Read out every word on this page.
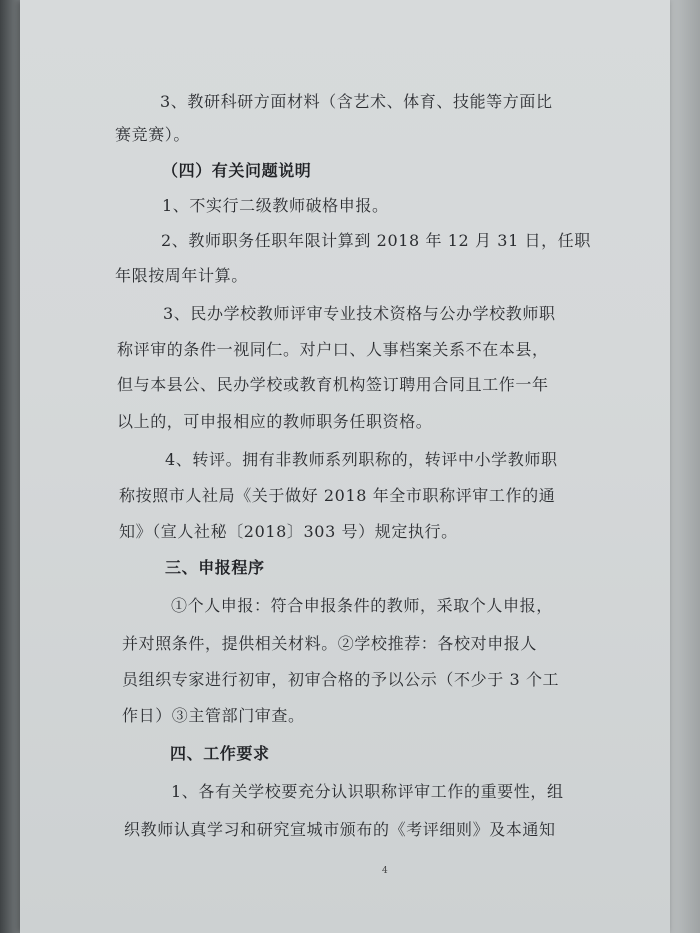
3、教研科研方面材料（含艺术、体育、技能等方面比
赛竞赛）。
（四）有关问题说明
1、不实行二级教师破格申报。
2、教师职务任职年限计算到 2018 年 12 月 31 日，任职
年限按周年计算。
3、民办学校教师评审专业技术资格与公办学校教师职
称评审的条件一视同仁。对户口、人事档案关系不在本县，
但与本县公、民办学校或教育机构签订聘用合同且工作一年
以上的，可申报相应的教师职务任职资格。
4、转评。拥有非教师系列职称的，转评中小学教师职
称按照市人社局《关于做好 2018 年全市职称评审工作的通
知》（宣人社秘〔2018〕303 号）规定执行。
三、申报程序
①个人申报：符合申报条件的教师，采取个人申报，
并对照条件，提供相关材料。②学校推荐：各校对申报人
员组织专家进行初审，初审合格的予以公示（不少于 3 个工
作日）③主管部门审查。
四、工作要求
1、各有关学校要充分认识职称评审工作的重要性，组
织教师认真学习和研究宣城市颁布的《考评细则》及本通知
4
